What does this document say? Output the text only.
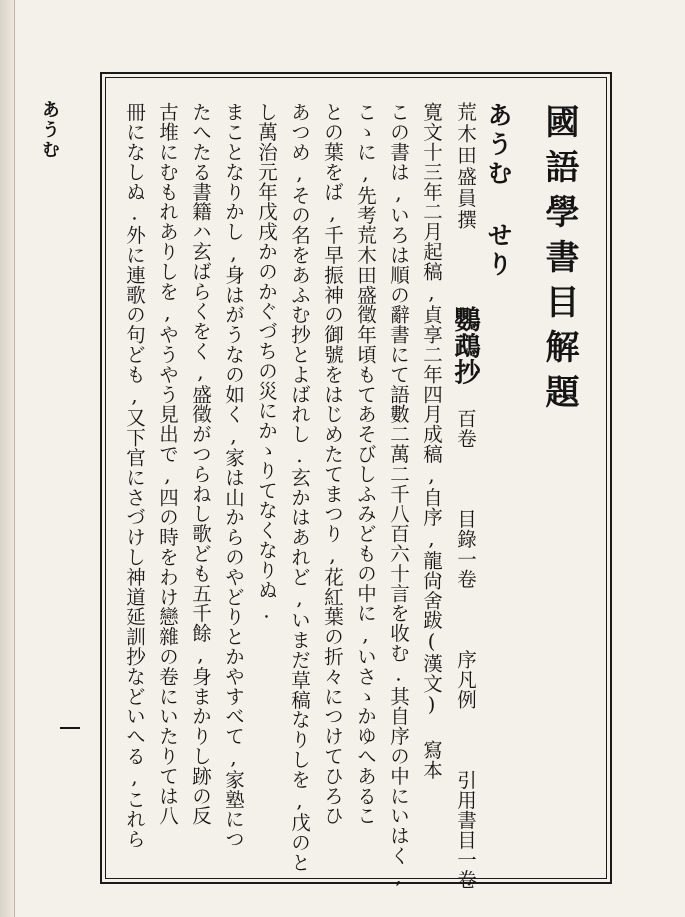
あうむ	國語學書目解題
あうむ せり
荒木田盛員撰  鸚鵡抄 百卷  目錄一卷  序凡例  引用書目一卷
寛文十三年二月起稿,貞享二年四月成稿,自序,龍尙舍跋(漢文) 寫本
この書は,いろは順の辭書にて語數二萬二千八百六十言を收む.其自序の中にいはく,
こゝに,先考荒木田盛徵年頃もてあそびしふみどもの中に,いさゝかゆへあるこ
との葉をば,千早振神の御號をはじめたてまつり,花紅葉の折々につけてひろひ
あつめ,その名をあふむ抄とよばれし.玄かはあれど,いまだ草稿なりしを,戊のと
し萬治元年戊戌かのかぐづちの災にかゝりてなくなりぬ.
まことなりかし,身はがうなの如く,家は山からのやどりとかやすべて,家塾につ
たへたる書籍ハ玄ばらくをく,盛徵がつらねし歌ども五千餘,身まかりし跡の反
古堆にむもれありしを,やうやう見出で,四の時をわけ戀雜の卷にいたりては八
冊になしぬ.外に連歌の句ども,又下官にさづけし神道延訓抄などいへる,これら
